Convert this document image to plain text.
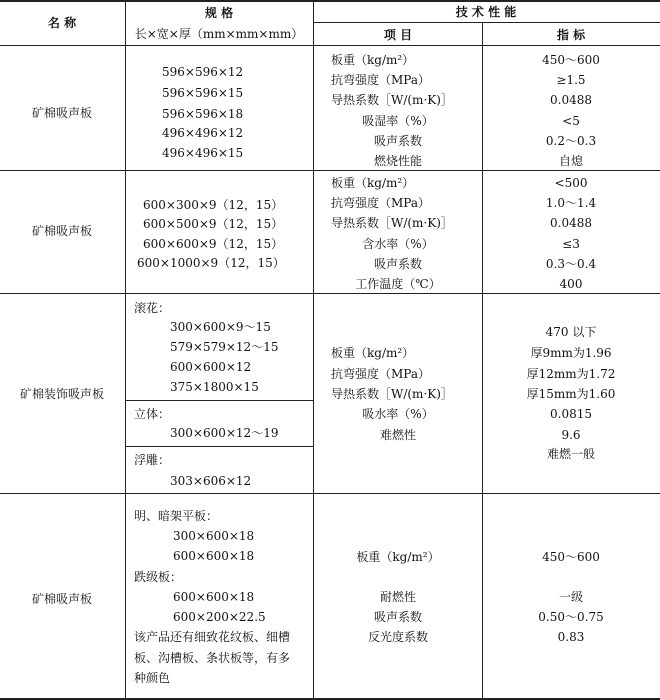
名 称
规 格
长×宽×厚（mm×mm×mm）
技 术 性 能
项 目	指 标
矿棉吸声板
596×596×12
596×596×15
596×596×18
496×496×12
496×496×15
板重（kg/m²）
抗弯强度（MPa）
导热系数［W/(m·K)］
吸湿率（%）
吸声系数
燃烧性能
450～600
≥1.5
0.0488
<5
0.2～0.3
自熄
矿棉吸声板
600×300×9（12，15）
600×500×9（12，15）
600×600×9（12，15）
600×1000×9（12，15）
板重（kg/m²）
抗弯强度（MPa）
导热系数［W/(m·K)］
含水率（%）
吸声系数
工作温度（℃）
<500
1.0～1.4
0.0488
≤3
0.3～0.4
400
矿棉装饰吸声板
滚花：
300×600×9～15
579×579×12～15
600×600×12
375×1800×15
立体：
300×600×12～19
浮雕：
303×606×12
板重（kg/m²）
抗弯强度（MPa）
导热系数［W/(m·K)］
吸水率（%）
难燃性
470 以下
厚9mm为1.96
厚12mm为1.72
厚15mm为1.60
0.0815
9.6
难燃一般
矿棉吸声板
明、暗架平板：
300×600×18
600×600×18
跌级板：
600×600×18
600×200×22.5
该产品还有细致花纹板、细槽
板、沟槽板、条状板等，有多
种颜色
板重（kg/m²）
耐燃性
吸声系数
反光度系数
450～600
一级
0.50～0.75
0.83
